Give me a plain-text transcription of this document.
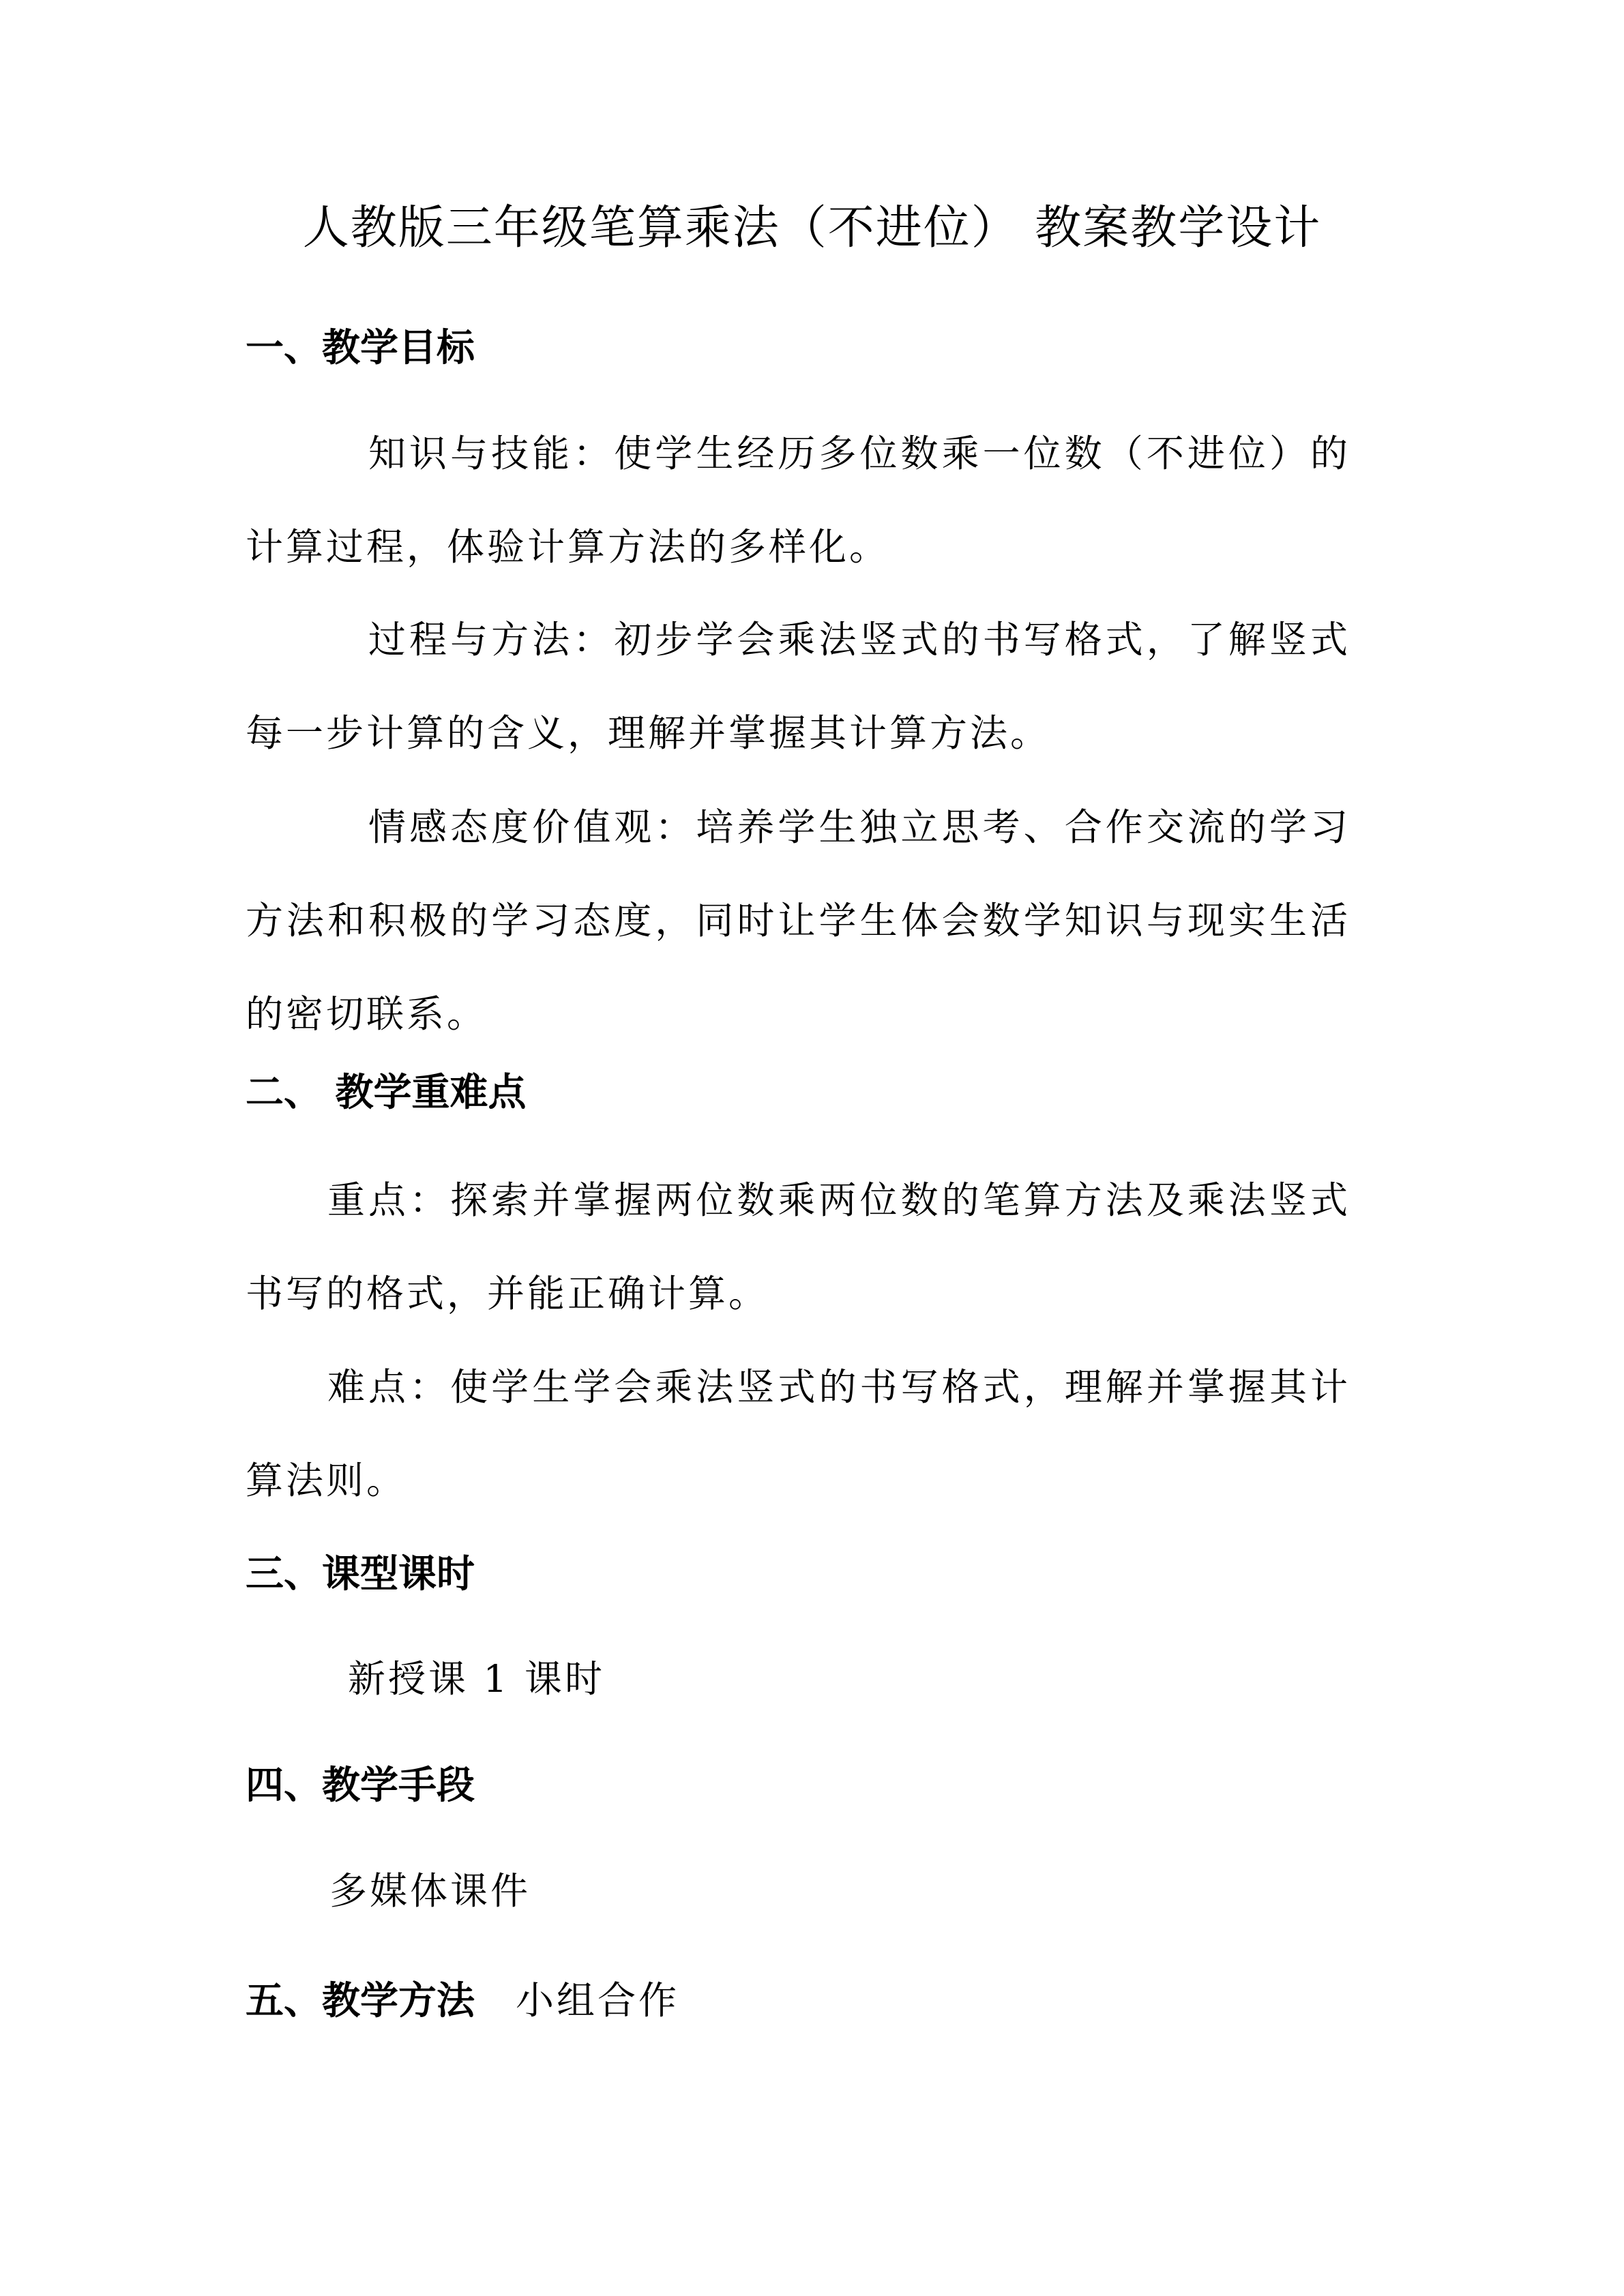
人教版三年级笔算乘法（不进位） 教案教学设计
一、教学目标

知识与技能：使学生经历多位数乘一位数（不进位）的计算过程，体验计算方法的多样化。

过程与方法：初步学会乘法竖式的书写格式，了解竖式每一步计算的含义，理解并掌握其计算方法。

情感态度价值观：培养学生独立思考、合作交流的学习方法和积极的学习态度，同时让学生体会数学知识与现实生活的密切联系。

二、 教学重难点

重点：探索并掌握两位数乘两位数的笔算方法及乘法竖式书写的格式，并能正确计算。

难点：使学生学会乘法竖式的书写格式，理解并掌握其计算法则。

三、课型课时

新授课 1 课时

四、教学手段

多媒体课件

五、教学方法 小组合作
